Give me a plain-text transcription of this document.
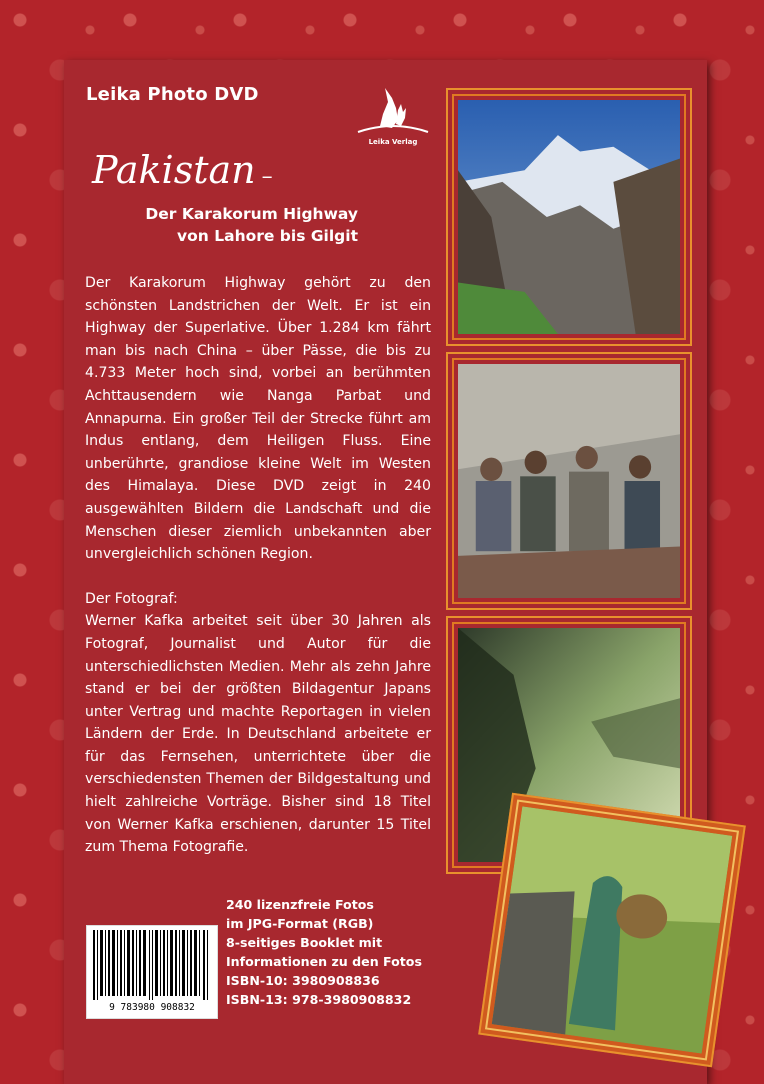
Leika Photo DVD
Leika Verlag
Pakistan –
Der Karakorum Highway
von Lahore bis Gilgit

Der Karakorum Highway gehört zu den schönsten Landstrichen der Welt. Er ist ein Highway der Superlative. Über 1.284 km fährt man bis nach China – über Pässe, die bis zu 4.733 Meter hoch sind, vorbei an berühmten Achttausendern wie Nanga Parbat und Annapurna. Ein großer Teil der Strecke führt am Indus entlang, dem Heiligen Fluss. Eine unberührte, grandiose kleine Welt im Westen des Himalaya. Diese DVD zeigt in 240 ausgewählten Bildern die Landschaft und die Menschen dieser ziemlich unbekannten aber unvergleichlich schönen Region.

Der Fotograf:

Werner Kafka arbeitet seit über 30 Jahren als Fotograf, Journalist und Autor für die unterschiedlichsten Medien. Mehr als zehn Jahre stand er bei der größten Bildagentur Japans unter Vertrag und machte Reportagen in vielen Ländern der Erde. In Deutschland arbeitete er für das Fernsehen, unterrichtete über die verschiedensten Themen der Bildgestaltung und hielt zahlreiche Vorträge. Bisher sind 18 Titel von Werner Kafka erschienen, darunter 15 Titel zum Thema Fotografie.

9 783980 908832
240 lizenzfreie Fotos
im JPG-Format (RGB)
8-seitiges Booklet mit
Informationen zu den Fotos
ISBN-10: 3980908836
ISBN-13: 978-3980908832
